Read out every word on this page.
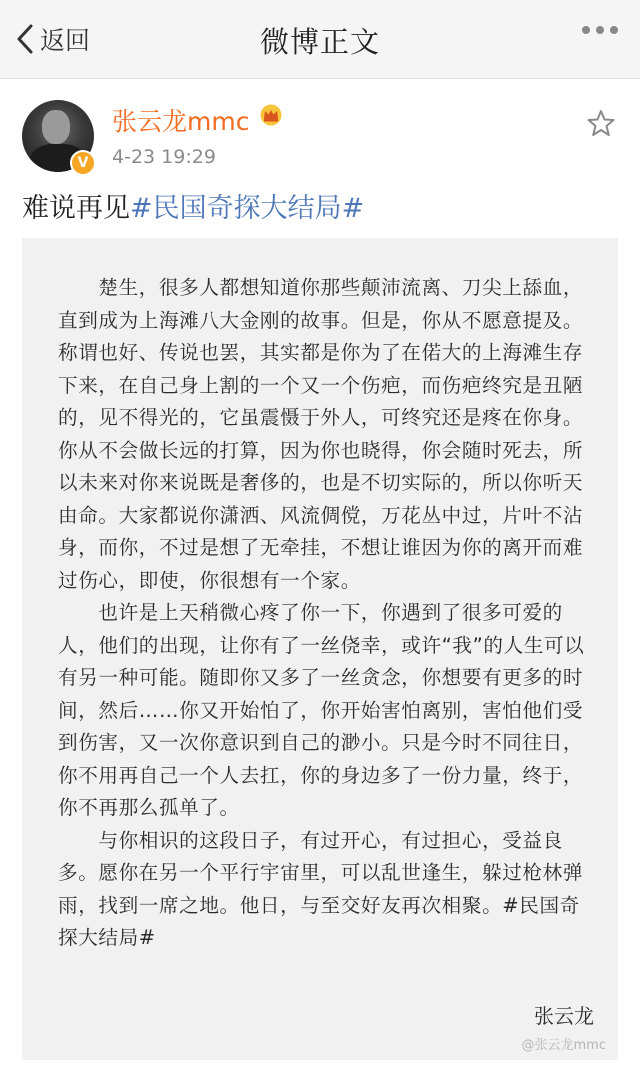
返回	微博正文
V
张云龙mmc
4-23 19:29
难说再见#民国奇探大结局#

　　楚生，很多人都想知道你那些颠沛流离、刀尖上舔血，直到成为上海滩八大金刚的故事。但是，你从不愿意提及。称谓也好、传说也罢，其实都是你为了在偌大的上海滩生存下来，在自己身上割的一个又一个伤疤，而伤疤终究是丑陋的，见不得光的，它虽震慑于外人，可终究还是疼在你身。你从不会做长远的打算，因为你也晓得，你会随时死去，所以未来对你来说既是奢侈的，也是不切实际的，所以你听天由命。大家都说你潇洒、风流倜傥，万花丛中过，片叶不沾身，而你，不过是想了无牵挂，不想让谁因为你的离开而难过伤心，即使，你很想有一个家。

　　也许是上天稍微心疼了你一下，你遇到了很多可爱的人，他们的出现，让你有了一丝侥幸，或许“我”的人生可以有另一种可能。随即你又多了一丝贪念，你想要有更多的时间，然后……你又开始怕了，你开始害怕离别，害怕他们受到伤害，又一次你意识到自己的渺小。只是今时不同往日，你不用再自己一个人去扛，你的身边多了一份力量，终于，你不再那么孤单了。

　　与你相识的这段日子，有过开心，有过担心，受益良多。愿你在另一个平行宇宙里，可以乱世逢生，躲过枪林弹雨，找到一席之地。他日，与至交好友再次相聚。#民国奇探大结局#

张云龙
@张云龙mmc
